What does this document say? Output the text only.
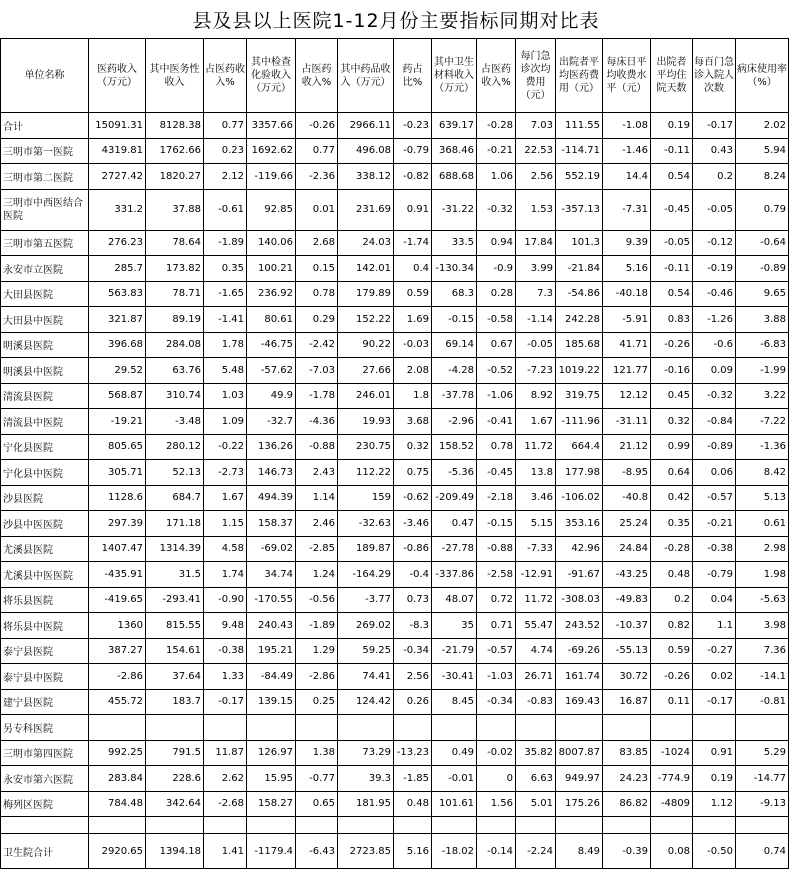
县及县以上医院1-12月份主要指标同期对比表
单位名称	医药收入（万元）	其中医务性收入	占医药收入%	其中检查化验收入（万元）	占医药收入%	其中药品收入（万元）	药占比%	其中卫生材料收入（万元）	占医药收入%	每门急诊次均费用（元）	出院者平均医药费用（元）	每床日平均收费水平（元）	出院者平均住院天数	每百门急诊入院人次数	病床使用率（%）
合计	15091.31	8128.38	0.77	3357.66	-0.26	2966.11	-0.23	639.17	-0.28	7.03	111.55	-1.08	0.19	-0.17	2.02
三明市第一医院	4319.81	1762.66	0.23	1692.62	0.77	496.08	-0.79	368.46	-0.21	22.53	-114.71	-1.46	-0.11	0.43	5.94
三明市第二医院	2727.42	1820.27	2.12	-119.66	-2.36	338.12	-0.82	688.68	1.06	2.56	552.19	14.4	0.54	0.2	8.24
三明市中西医结合医院	331.2	37.88	-0.61	92.85	0.01	231.69	0.91	-31.22	-0.32	1.53	-357.13	-7.31	-0.45	-0.05	0.79
三明市第五医院	276.23	78.64	-1.89	140.06	2.68	24.03	-1.74	33.5	0.94	17.84	101.3	9.39	-0.05	-0.12	-0.64
永安市立医院	285.7	173.82	0.35	100.21	0.15	142.01	0.4	-130.34	-0.9	3.99	-21.84	5.16	-0.11	-0.19	-0.89
大田县医院	563.83	78.71	-1.65	236.92	0.78	179.89	0.59	68.3	0.28	7.3	-54.86	-40.18	0.54	-0.46	9.65
大田县中医院	321.87	89.19	-1.41	80.61	0.29	152.22	1.69	-0.15	-0.58	-1.14	242.28	-5.91	0.83	-1.26	3.88
明溪县医院	396.68	284.08	1.78	-46.75	-2.42	90.22	-0.03	69.14	0.67	-0.05	185.68	41.71	-0.26	-0.6	-6.83
明溪县中医院	29.52	63.76	5.48	-57.62	-7.03	27.66	2.08	-4.28	-0.52	-7.23	1019.22	121.77	-0.16	0.09	-1.99
清流县医院	568.87	310.74	1.03	49.9	-1.78	246.01	1.8	-37.78	-1.06	8.92	319.75	12.12	0.45	-0.32	3.22
清流县中医院	-19.21	-3.48	1.09	-32.7	-4.36	19.93	3.68	-2.96	-0.41	1.67	-111.96	-31.11	0.32	-0.84	-7.22
宁化县医院	805.65	280.12	-0.22	136.26	-0.88	230.75	0.32	158.52	0.78	11.72	664.4	21.12	0.99	-0.89	-1.36
宁化县中医院	305.71	52.13	-2.73	146.73	2.43	112.22	0.75	-5.36	-0.45	13.8	177.98	-8.95	0.64	0.06	8.42
沙县医院	1128.6	684.7	1.67	494.39	1.14	159	-0.62	-209.49	-2.18	3.46	-106.02	-40.8	0.42	-0.57	5.13
沙县中医医院	297.39	171.18	1.15	158.37	2.46	-32.63	-3.46	0.47	-0.15	5.15	353.16	25.24	0.35	-0.21	0.61
尤溪县医院	1407.47	1314.39	4.58	-69.02	-2.85	189.87	-0.86	-27.78	-0.88	-7.33	42.96	24.84	-0.28	-0.38	2.98
尤溪县中医医院	-435.91	31.5	1.74	34.74	1.24	-164.29	-0.4	-337.86	-2.58	-12.91	-91.67	-43.25	0.48	-0.79	1.98
将乐县医院	-419.65	-293.41	-0.90	-170.55	-0.56	-3.77	0.73	48.07	0.72	11.72	-308.03	-49.83	0.2	0.04	-5.63
将乐县中医院	1360	815.55	9.48	240.43	-1.89	269.02	-8.3	35	0.71	55.47	243.52	-10.37	0.82	1.1	3.98
泰宁县医院	387.27	154.61	-0.38	195.21	1.29	59.25	-0.34	-21.79	-0.57	4.74	-69.26	-55.13	0.59	-0.27	7.36
泰宁县中医院	-2.86	37.64	1.33	-84.49	-2.86	74.41	2.56	-30.41	-1.03	26.71	161.74	30.72	-0.26	0.02	-14.1
建宁县医院	455.72	183.7	-0.17	139.15	0.25	124.42	0.26	8.45	-0.34	-0.83	169.43	16.87	0.11	-0.17	-0.81
另专科医院															
三明市第四医院	992.25	791.5	11.87	126.97	1.38	73.29	-13.23	0.49	-0.02	35.82	8007.87	83.85	-1024	0.91	5.29
永安市第六医院	283.84	228.6	2.62	15.95	-0.77	39.3	-1.85	-0.01	0	6.63	949.97	24.23	-774.9	0.19	-14.77
梅列区医院	784.48	342.64	-2.68	158.27	0.65	181.95	0.48	101.61	1.56	5.01	175.26	86.82	-4809	1.12	-9.13

卫生院合计	2920.65	1394.18	1.41	-1179.4	-6.43	2723.85	5.16	-18.02	-0.14	-2.24	8.49	-0.39	0.08	-0.50	0.74
